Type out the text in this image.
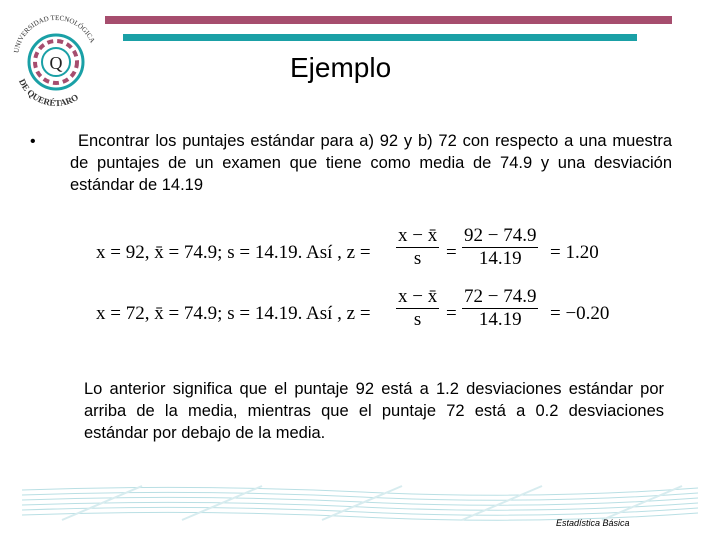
Q
UNIVERSIDAD TECNOLÓGICA
DE QUERÉTARO
Ejemplo
•	Encontrar los puntajes estándar para a) 92 y b) 72 con respecto a una muestra de puntajes de un examen que tiene como media de 74.9 y una desviación estándar de 14.19
x = 92, x̄ = 74.9; s = 14.19. Así , $z = \frac{x - x̄}{s} = \frac{92 - 74.9}{14.19} = 1.20$
x = 72, x̄ = 74.9; s = 14.19. Así , $z = \frac{x - x̄}{s} = \frac{72 - 74.9}{14.19} = -0.20$
Lo anterior significa que el puntaje 92 está a 1.2 desviaciones estándar por arriba de la media, mientras que el puntaje 72 está a 0.2 desviaciones estándar por debajo de la media.
Estadística Básica
